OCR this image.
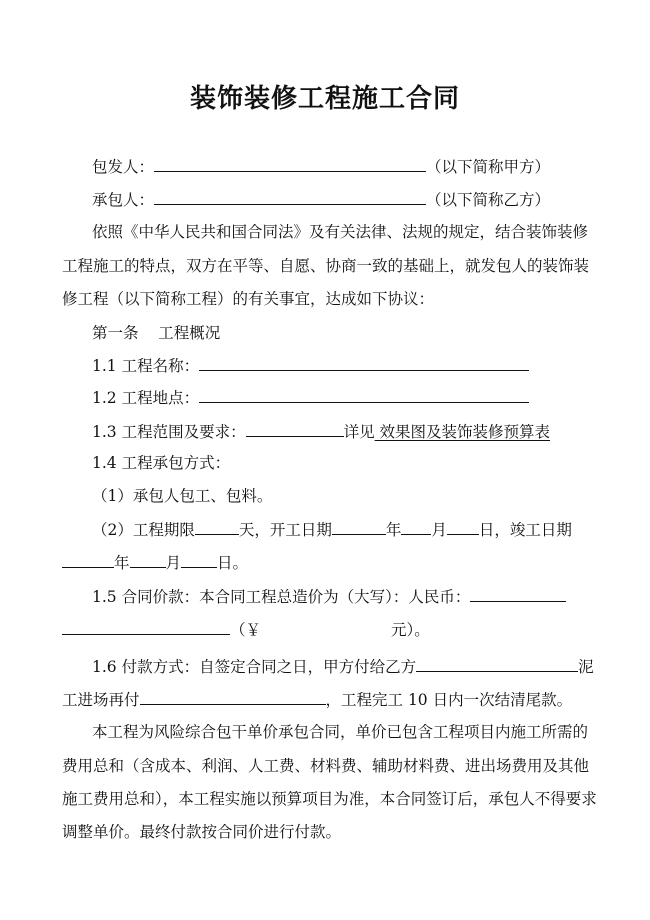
装饰装修工程施工合同
包发人：	（以下简称甲方）
承包人：	（以下简称乙方）
依照《中华人民共和国合同法》及有关法律、法规的规定，结合装饰装修
工程施工的特点，双方在平等、自愿、协商一致的基础上，就发包人的装饰装
修工程（以下简称工程）的有关事宜，达成如下协议：
第一条 工程概况
1.1 工程名称：
1.2 工程地点：
1.3 工程范围及要求：	详见 效果图及装饰装修预算表
1.4 工程承包方式：
（1）承包人包工、包料。
（2）工程期限	天，开工日期	年 月 日，竣工日期
年 月 日。
1.5 合同价款：本合同工程总造价为（大写）：人民币：
（￥	元）。
1.6 付款方式：自签定合同之日，甲方付给乙方	泥
工进场再付	，工程完工 10 日内一次结清尾款。
本工程为风险综合包干单价承包合同，单价已包含工程项目内施工所需的
费用总和（含成本、利润、人工费、材料费、辅助材料费、进出场费用及其他
施工费用总和），本工程实施以预算项目为准，本合同签订后，承包人不得要求
调整单价。最终付款按合同价进行付款。
